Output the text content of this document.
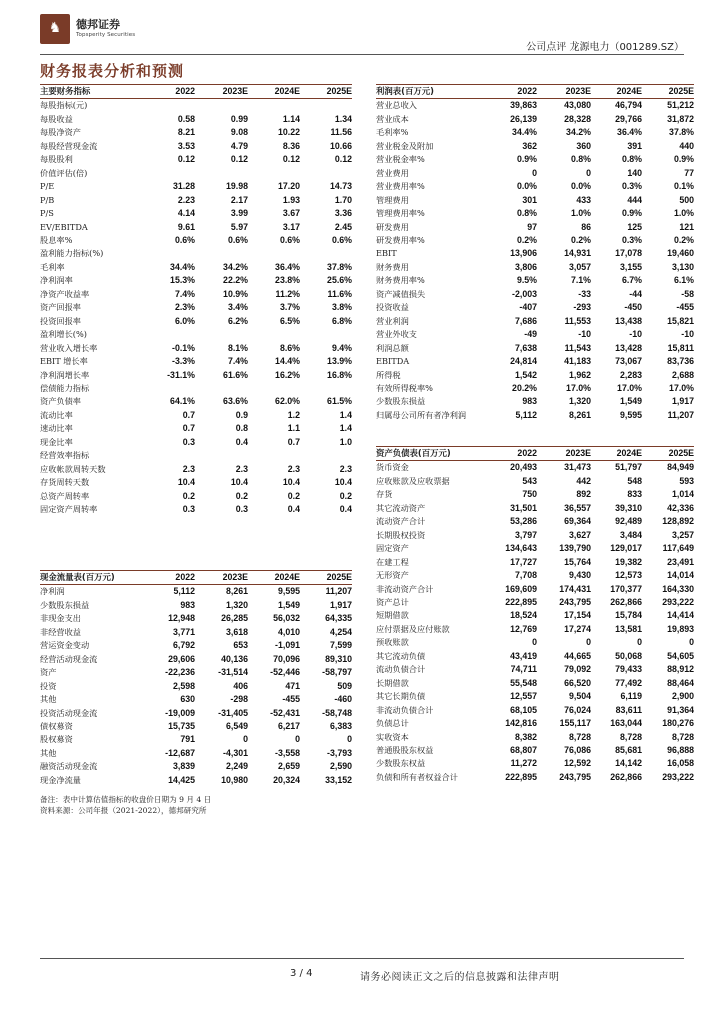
♞ 德邦证券
Topsperity Securities
公司点评 龙源电力（001289.SZ）
财务报表分析和预测
主要财务指标	2022	2023E	2024E	2025E
每股指标(元)				
每股收益	0.58	0.99	1.14	1.34
每股净资产	8.21	9.08	10.22	11.56
每股经营现金流	3.53	4.79	8.36	10.66
每股股利	0.12	0.12	0.12	0.12
价值评估(倍)				
P/E	31.28	19.98	17.20	14.73
P/B	2.23	2.17	1.93	1.70
P/S	4.14	3.99	3.67	3.36
EV/EBITDA	9.61	5.97	3.17	2.45
股息率%	0.6%	0.6%	0.6%	0.6%
盈利能力指标(%)				
毛利率	34.4%	34.2%	36.4%	37.8%
净利润率	15.3%	22.2%	23.8%	25.6%
净资产收益率	7.4%	10.9%	11.2%	11.6%
资产回报率	2.3%	3.4%	3.7%	3.8%
投资回报率	6.0%	6.2%	6.5%	6.8%
盈利增长(%)				
营业收入增长率	-0.1%	8.1%	8.6%	9.4%
EBIT 增长率	-3.3%	7.4%	14.4%	13.9%
净利润增长率	-31.1%	61.6%	16.2%	16.8%
偿债能力指标				
资产负债率	64.1%	63.6%	62.0%	61.5%
流动比率	0.7	0.9	1.2	1.4
速动比率	0.7	0.8	1.1	1.4
现金比率	0.3	0.4	0.7	1.0
经营效率指标				
应收帐款周转天数	2.3	2.3	2.3	2.3
存货周转天数	10.4	10.4	10.4	10.4
总资产周转率	0.2	0.2	0.2	0.2
固定资产周转率	0.3	0.3	0.4	0.4
利润表(百万元)	2022	2023E	2024E	2025E
营业总收入	39,863	43,080	46,794	51,212
营业成本	26,139	28,328	29,766	31,872
毛利率%	34.4%	34.2%	36.4%	37.8%
营业税金及附加	362	360	391	440
营业税金率%	0.9%	0.8%	0.8%	0.9%
营业费用	0	0	140	77
营业费用率%	0.0%	0.0%	0.3%	0.1%
管理费用	301	433	444	500
管理费用率%	0.8%	1.0%	0.9%	1.0%
研发费用	97	86	125	121
研发费用率%	0.2%	0.2%	0.3%	0.2%
EBIT	13,906	14,931	17,078	19,460
财务费用	3,806	3,057	3,155	3,130
财务费用率%	9.5%	7.1%	6.7%	6.1%
资产减值损失	-2,003	-33	-44	-58
投资收益	-407	-293	-450	-455
营业利润	7,686	11,553	13,438	15,821
营业外收支	-49	-10	-10	-10
利润总额	7,638	11,543	13,428	15,811
EBITDA	24,814	41,183	73,067	83,736
所得税	1,542	1,962	2,283	2,688
有效所得税率%	20.2%	17.0%	17.0%	17.0%
少数股东损益	983	1,320	1,549	1,917
归属母公司所有者净利润	5,112	8,261	9,595	11,207
现金流量表(百万元)	2022	2023E	2024E	2025E
净利润	5,112	8,261	9,595	11,207
少数股东损益	983	1,320	1,549	1,917
非现金支出	12,948	26,285	56,032	64,335
非经营收益	3,771	3,618	4,010	4,254
营运资金变动	6,792	653	-1,091	7,599
经营活动现金流	29,606	40,136	70,096	89,310
资产	-22,236	-31,514	-52,446	-58,797
投资	2,598	406	471	509
其他	630	-298	-455	-460
投资活动现金流	-19,009	-31,405	-52,431	-58,748
债权募资	15,735	6,549	6,217	6,383
股权募资	791	0	0	0
其他	-12,687	-4,301	-3,558	-3,793
融资活动现金流	3,839	2,249	2,659	2,590
现金净流量	14,425	10,980	20,324	33,152
资产负债表(百万元)	2022	2023E	2024E	2025E
货币资金	20,493	31,473	51,797	84,949
应收账款及应收票据	543	442	548	593
存货	750	892	833	1,014
其它流动资产	31,501	36,557	39,310	42,336
流动资产合计	53,286	69,364	92,489	128,892
长期股权投资	3,797	3,627	3,484	3,257
固定资产	134,643	139,790	129,017	117,649
在建工程	17,727	15,764	19,382	23,491
无形资产	7,708	9,430	12,573	14,014
非流动资产合计	169,609	174,431	170,377	164,330
资产总计	222,895	243,795	262,866	293,222
短期借款	18,524	17,154	15,784	14,414
应付票据及应付账款	12,769	17,274	13,581	19,893
预收账款	0	0	0	0
其它流动负债	43,419	44,665	50,068	54,605
流动负债合计	74,711	79,092	79,433	88,912
长期借款	55,548	66,520	77,492	88,464
其它长期负债	12,557	9,504	6,119	2,900
非流动负债合计	68,105	76,024	83,611	91,364
负债总计	142,816	155,117	163,044	180,276
实收资本	8,382	8,728	8,728	8,728
普通股股东权益	68,807	76,086	85,681	96,888
少数股东权益	11,272	12,592	14,142	16,058
负债和所有者权益合计	222,895	243,795	262,866	293,222
备注：表中计算估值指标的收盘价日期为 9 月 4 日
资料来源：公司年报（2021-2022），德邦研究所
3 / 4	请务必阅读正文之后的信息披露和法律声明
